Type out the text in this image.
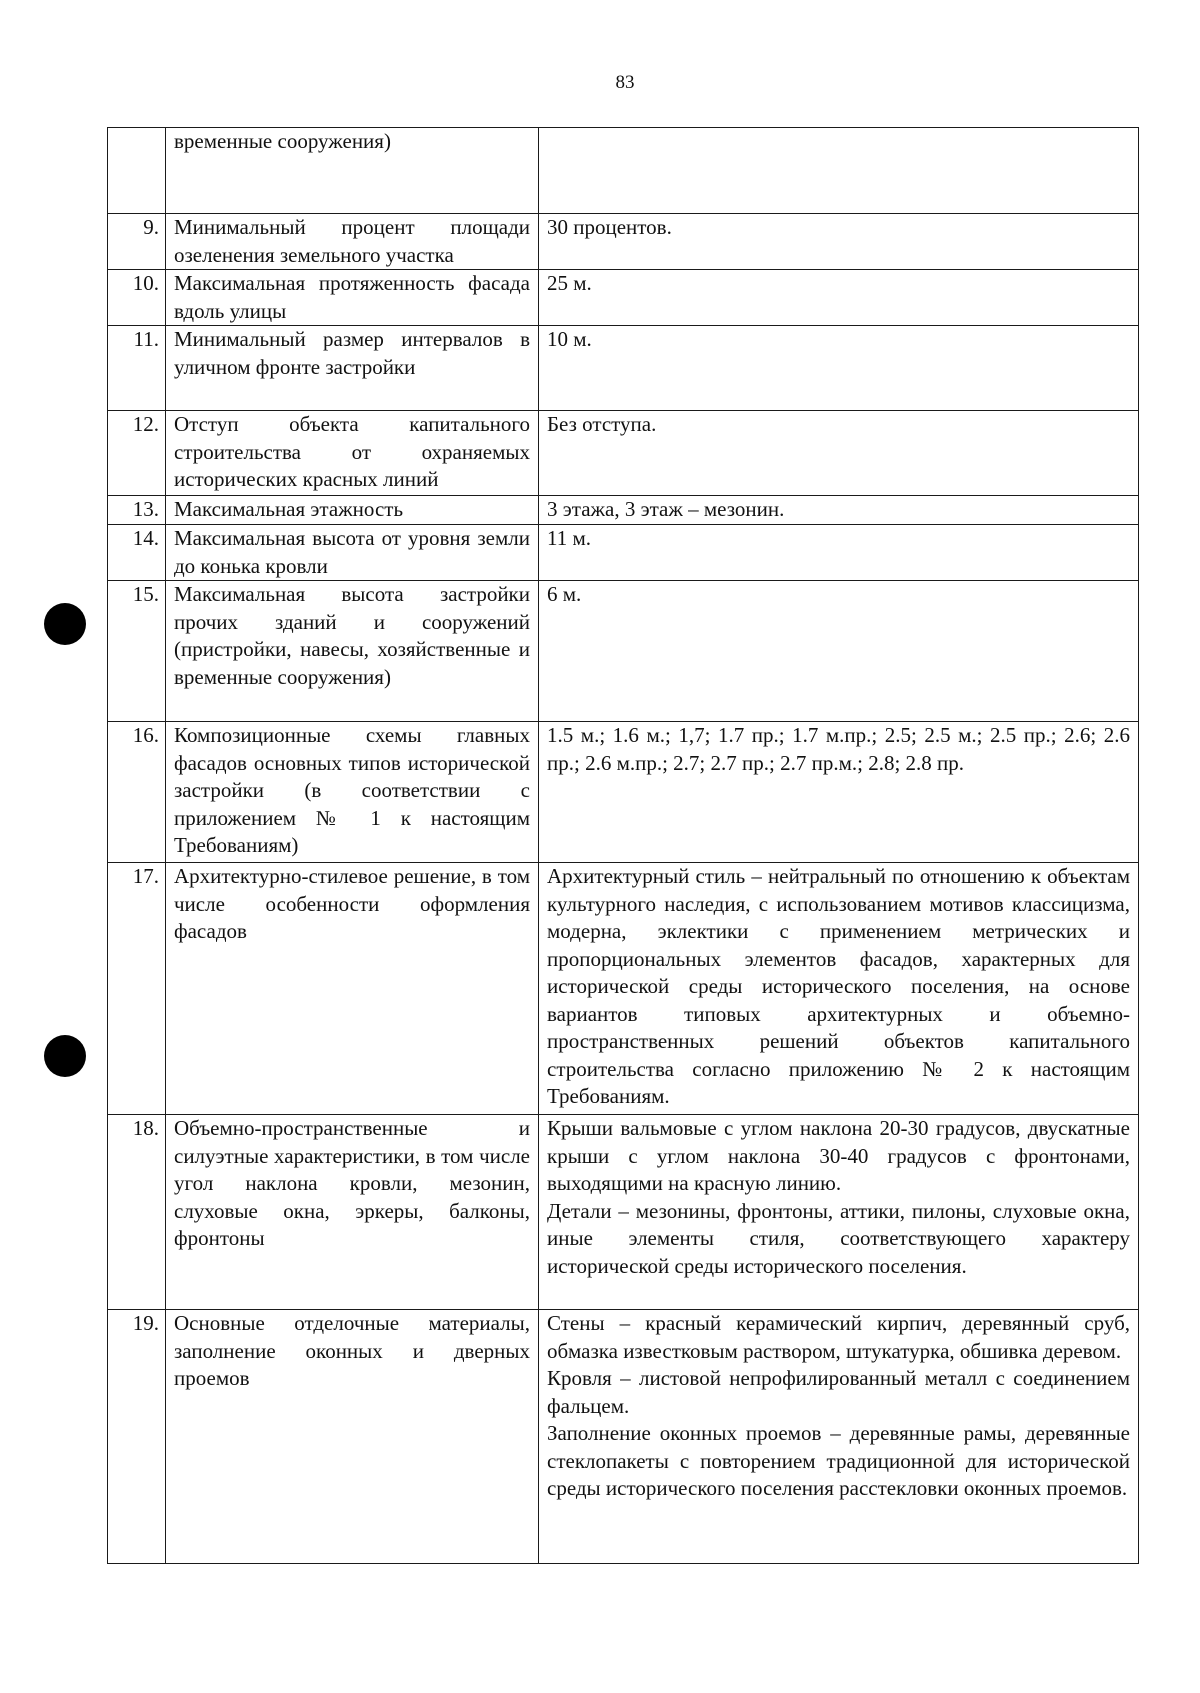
83
	временные сооружения)	
9.	Минимальный процент площади озеленения земельного участка	30 процентов.

10.	Максимальная протяженность фасада вдоль улицы	25 м.

11.	Минимальный размер интервалов в уличном фронте застройки	10 м.

12.	Отступ объекта капитального строительства от охраняемых исторических красных линий	Без отступа.

13.	Максимальная этажность	3 этажа, 3 этаж – мезонин.

14.	Максимальная высота от уровня земли до конька кровли	11 м.

15.	Максимальная высота застройки прочих зданий и сооружений (пристройки, навесы, хозяйственные и временные сооружения)	6 м.

16.	Композиционные схемы главных фасадов основных типов исторической застройки (в соответствии с приложением № 1 к настоящим Требованиям)	1.5 м.; 1.6 м.; 1,7; 1.7 пр.; 1.7 м.пр.; 2.5; 2.5 м.; 2.5 пр.; 2.6; 2.6 пр.; 2.6 м.пр.; 2.7; 2.7 пр.; 2.7 пр.м.; 2.8; 2.8 пр.

17.	Архитектурно-стилевое решение, в том числе особенности оформления фасадов	Архитектурный стиль – нейтральный по отношению к объектам культурного наследия, с использованием мотивов классицизма, модерна, эклектики с применением метрических и пропорциональных элементов фасадов, характерных для исторической среды исторического поселения, на основе вариантов типовых архитектурных и объемно-пространственных решений объектов капитального строительства согласно приложению № 2 к настоящим Требованиям.

18.	Объемно-пространственные и силуэтные характеристики, в том числе угол наклона кровли, мезонин, слуховые окна, эркеры, балконы, фронтоны	Крыши вальмовые с углом наклона 20-30 градусов, двускатные крыши с углом наклона 30-40 градусов с фронтонами, выходящими на красную линию.

Детали – мезонины, фронтоны, аттики, пилоны, слуховые окна, иные элементы стиля, соответствующего характеру исторической среды исторического поселения.

19.	Основные отделочные материалы, заполнение оконных и дверных проемов	Стены – красный керамический кирпич, деревянный сруб, обмазка известковым раствором, штукатурка, обшивка деревом.

Кровля – листовой непрофилированный металл с соединением фальцем.

Заполнение оконных проемов – деревянные рамы, деревянные стеклопакеты с повторением традиционной для исторической среды исторического поселения расстекловки оконных проемов.
